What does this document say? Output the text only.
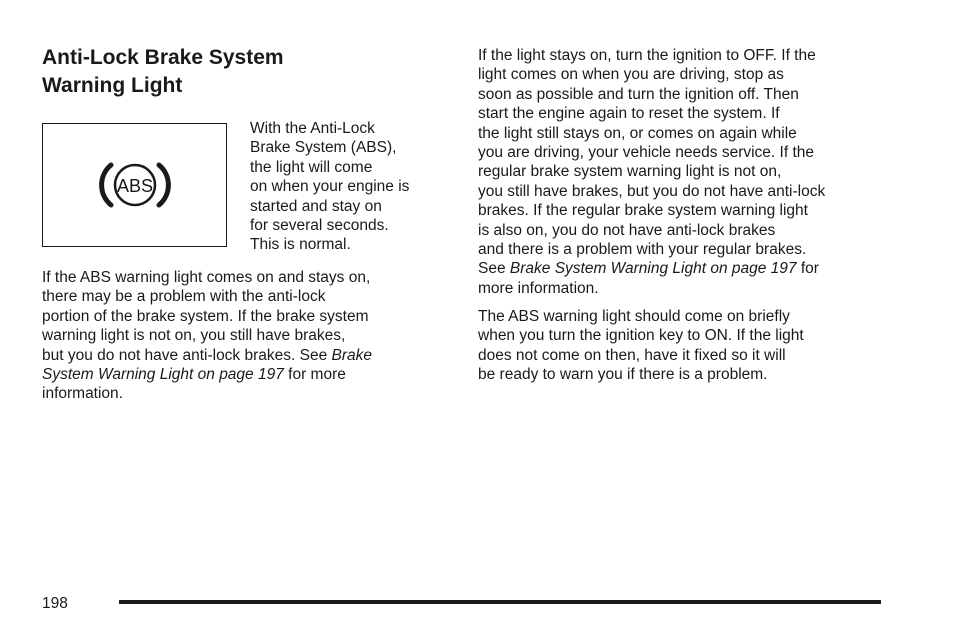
Anti-Lock Brake System
Warning Light
ABS

With the Anti-Lock
Brake System (ABS),
the light will come
on when your engine is
started and stay on
for several seconds.
This is normal.

If the ABS warning light comes on and stays on,
there may be a problem with the anti-lock
portion of the brake system. If the brake system
warning light is not on, you still have brakes,
but you do not have anti-lock brakes. See Brake
System Warning Light on page 197 for more
information.

If the light stays on, turn the ignition to OFF. If the
light comes on when you are driving, stop as
soon as possible and turn the ignition off. Then
start the engine again to reset the system. If
the light still stays on, or comes on again while
you are driving, your vehicle needs service. If the
regular brake system warning light is not on,
you still have brakes, but you do not have anti-lock
brakes. If the regular brake system warning light
is also on, you do not have anti-lock brakes
and there is a problem with your regular brakes.
See Brake System Warning Light on page 197 for
more information.

The ABS warning light should come on briefly
when you turn the ignition key to ON. If the light
does not come on then, have it fixed so it will
be ready to warn you if there is a problem.

198
